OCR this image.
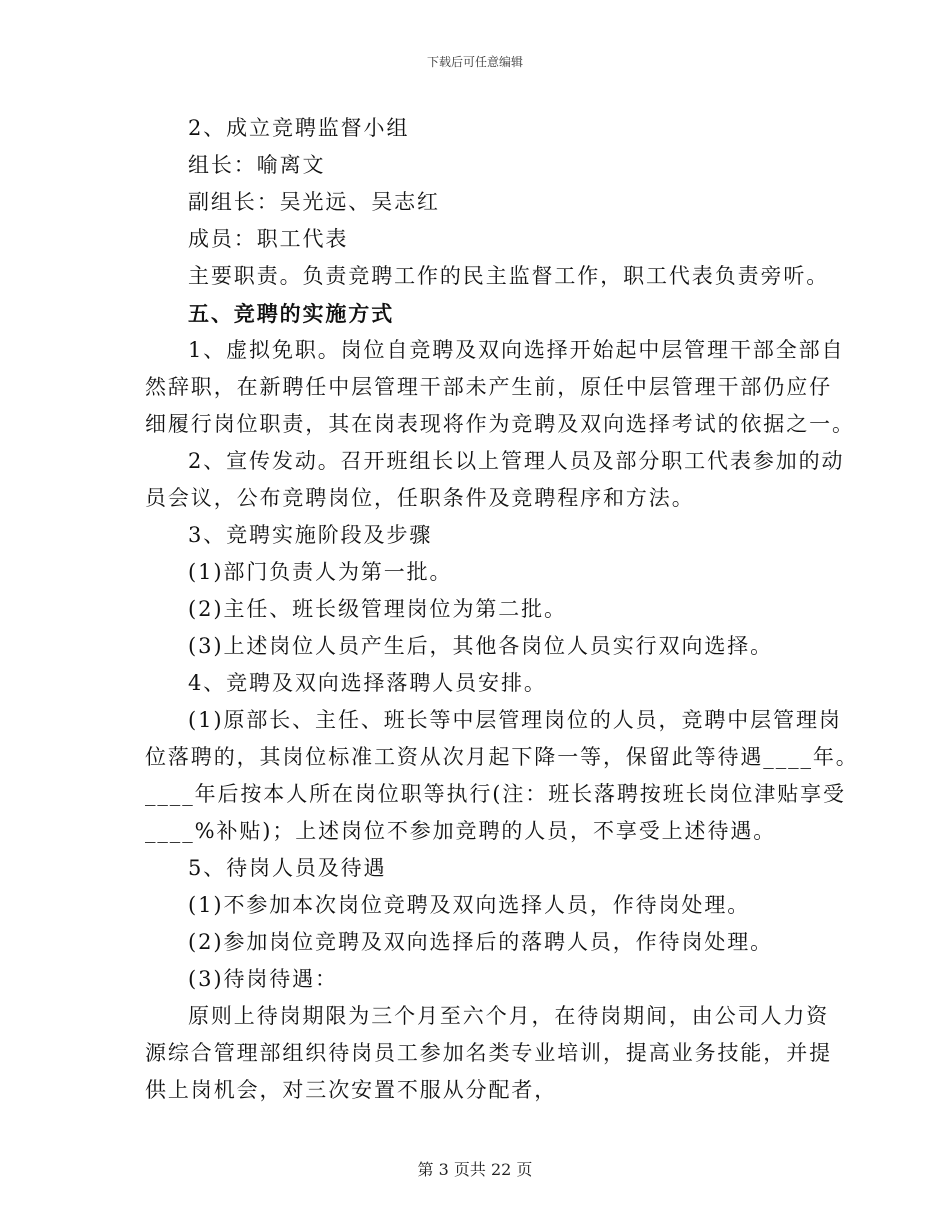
下载后可任意编辑
2、成立竞聘监督小组
组长：喻离文
副组长：吴光远、吴志红
成员：职工代表
主要职责。负责竞聘工作的民主监督工作，职工代表负责旁听。
五、竞聘的实施方式
1、虚拟免职。岗位自竞聘及双向选择开始起中层管理干部全部自
然辞职，在新聘任中层管理干部未产生前，原任中层管理干部仍应仔
细履行岗位职责，其在岗表现将作为竞聘及双向选择考试的依据之一。
2、宣传发动。召开班组长以上管理人员及部分职工代表参加的动
员会议，公布竞聘岗位，任职条件及竞聘程序和方法。
3、竞聘实施阶段及步骤
(1)部门负责人为第一批。
(2)主任、班长级管理岗位为第二批。
(3)上述岗位人员产生后，其他各岗位人员实行双向选择。
4、竞聘及双向选择落聘人员安排。
(1)原部长、主任、班长等中层管理岗位的人员，竞聘中层管理岗
位落聘的，其岗位标准工资从次月起下降一等，保留此等待遇____年。
____年后按本人所在岗位职等执行(注：班长落聘按班长岗位津贴享受
____%补贴)；上述岗位不参加竞聘的人员，不享受上述待遇。
5、待岗人员及待遇
(1)不参加本次岗位竞聘及双向选择人员，作待岗处理。
(2)参加岗位竞聘及双向选择后的落聘人员，作待岗处理。
(3)待岗待遇：
原则上待岗期限为三个月至六个月，在待岗期间，由公司人力资
源综合管理部组织待岗员工参加名类专业培训，提高业务技能，并提
供上岗机会，对三次安置不服从分配者，
第 3 页共 22 页
